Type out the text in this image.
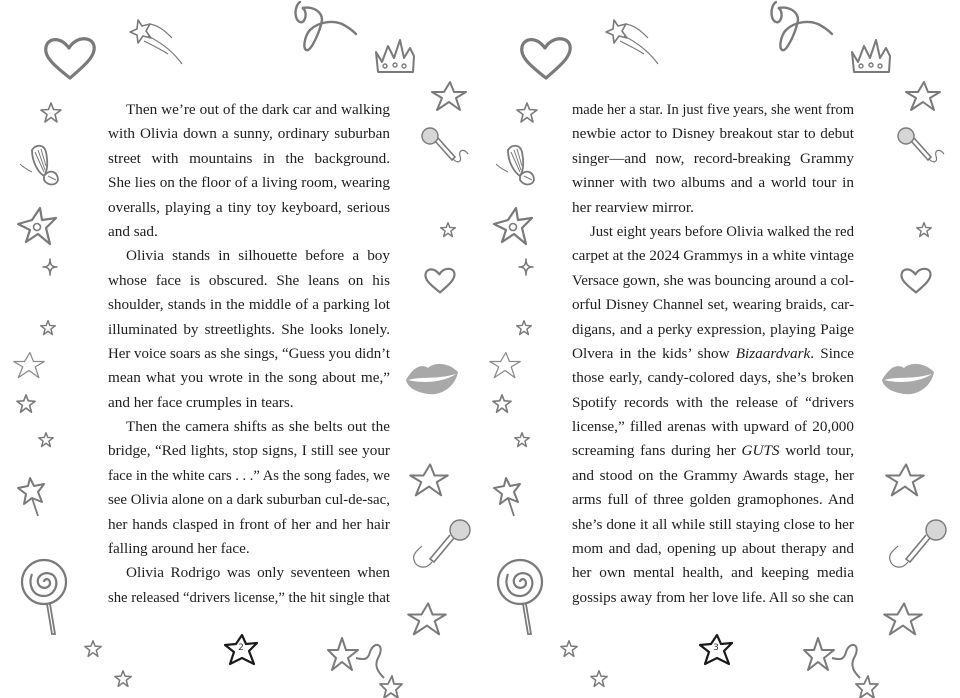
Then we’re out of the dark car and walking
with Olivia down a sunny, ordinary suburban
street with mountains in the background.
She lies on the floor of a living room, wearing
overalls, playing a tiny toy keyboard, serious
and sad.
Olivia stands in silhouette before a boy
whose face is obscured. She leans on his
shoulder, stands in the middle of a parking lot
illuminated by streetlights. She looks lonely.
Her voice soars as she sings, “Guess you didn’t
mean what you wrote in the song about me,”
and her face crumples in tears.
Then the camera shifts as she belts out the
bridge, “Red lights, stop signs, I still see your
face in the white cars . . .” As the song fades, we
see Olivia alone on a dark suburban cul-de-sac,
her hands clasped in front of her and her hair
falling around her face.
Olivia Rodrigo was only seventeen when
she released “drivers license,” the hit single that
2
made her a star. In just five years, she went from
newbie actor to Disney breakout star to debut
singer—and now, record-breaking Grammy
winner with two albums and a world tour in
her rearview mirror.
Just eight years before Olivia walked the red
carpet at the 2024 Grammys in a white vintage
Versace gown, she was bouncing around a col-
orful Disney Channel set, wearing braids, car-
digans, and a perky expression, playing Paige
Olvera in the kids’ show Bizaardvark. Since
those early, candy-colored days, she’s broken
Spotify records with the release of “drivers
license,” filled arenas with upward of 20,000
screaming fans during her GUTS world tour,
and stood on the Grammy Awards stage, her
arms full of three golden gramophones. And
she’s done it all while still staying close to her
mom and dad, opening up about therapy and
her own mental health, and keeping media
gossips away from her love life. All so she can
3
